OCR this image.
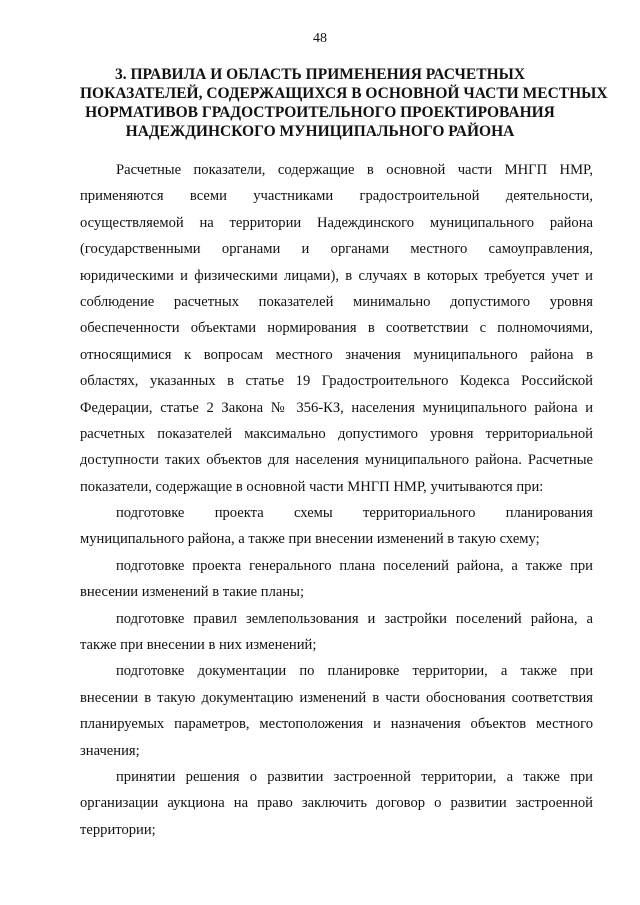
48
3. ПРАВИЛА И ОБЛАСТЬ ПРИМЕНЕНИЯ РАСЧЕТНЫХ
ПОКАЗАТЕЛЕЙ, СОДЕРЖАЩИХСЯ В ОСНОВНОЙ ЧАСТИ МЕСТНЫХ
НОРМАТИВОВ ГРАДОСТРОИТЕЛЬНОГО ПРОЕКТИРОВАНИЯ
НАДЕЖДИНСКОГО МУНИЦИПАЛЬНОГО РАЙОНА
Расчетные показатели, содержащие в основной части МНГП НМР,
применяются всеми участниками градостроительной деятельности,
осуществляемой на территории Надеждинского муниципального района
(государственными органами и органами местного самоуправления,
юридическими и физическими лицами), в случаях в которых требуется учет и
соблюдение расчетных показателей минимально допустимого уровня
обеспеченности объектами нормирования в соответствии с полномочиями,
относящимися к вопросам местного значения муниципального района в
областях, указанных в статье 19 Градостроительного Кодекса Российской
Федерации, статье 2 Закона № 356-КЗ, населения муниципального района и
расчетных показателей максимально допустимого уровня территориальной
доступности таких объектов для населения муниципального района. Расчетные
показатели, содержащие в основной части МНГП НМР, учитываются при:
подготовке проекта схемы территориального планирования
муниципального района, а также при внесении изменений в такую схему;
подготовке проекта генерального плана поселений района, а также при
внесении изменений в такие планы;
подготовке правил землепользования и застройки поселений района, а
также при внесении в них изменений;
подготовке документации по планировке территории, а также при
внесении в такую документацию изменений в части обоснования соответствия
планируемых параметров, местоположения и назначения объектов местного
значения;
принятии решения о развитии застроенной территории, а также при
организации аукциона на право заключить договор о развитии застроенной
территории;
